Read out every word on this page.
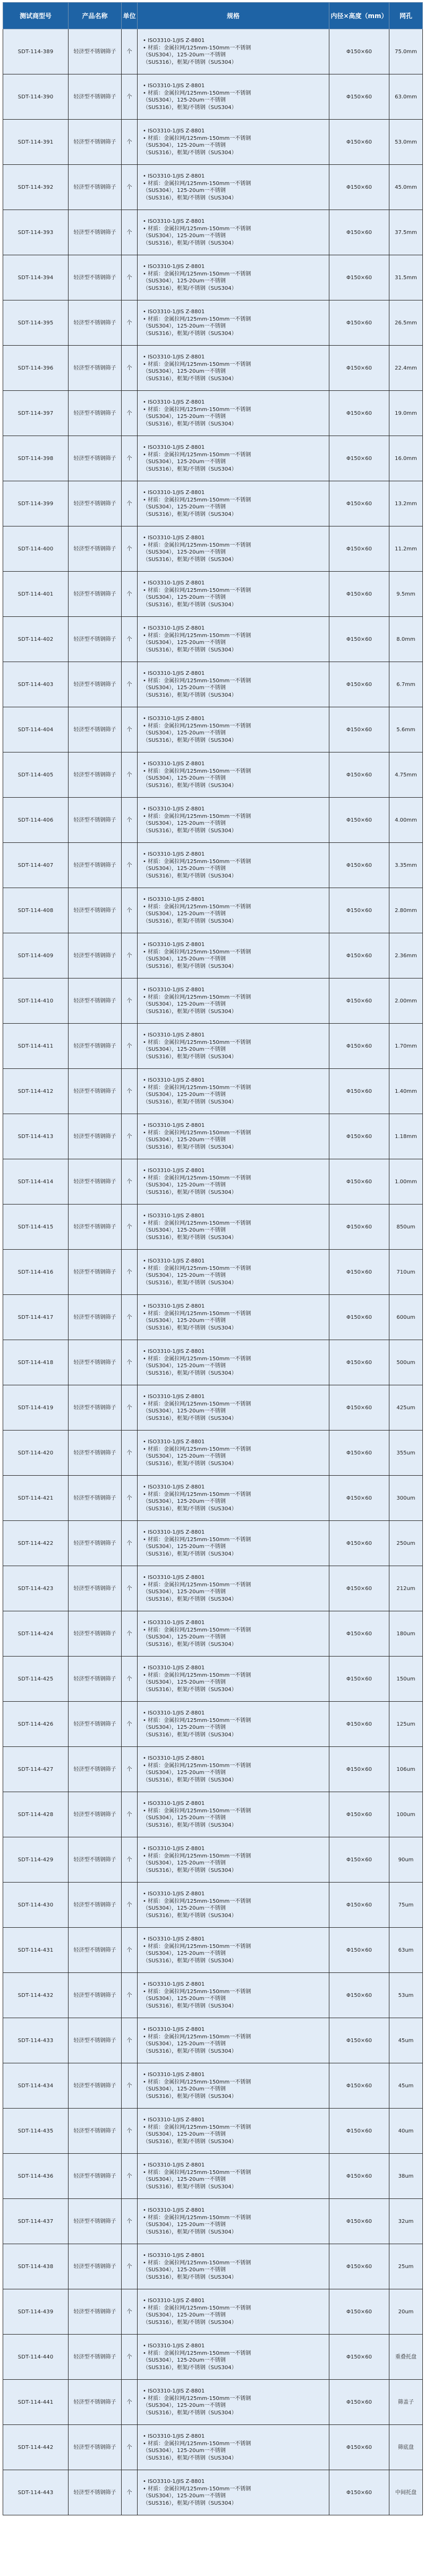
测试商型号	产品名称	单位	规格	内径×高度（mm）	网孔
SDT-114-389	轻济型不锈钢筛子	个	• ISO3310-1/JIS Z-8801
• 材质：金属拉网/125mm-150mm一不锈钢
（SUS304），125-20um一不锈钢
（SUS316），框架/不锈钢（SUS304）	Φ150×60	75.0mm
SDT-114-390	轻济型不锈钢筛子	个	• ISO3310-1/JIS Z-8801
• 材质：金属拉网/125mm-150mm一不锈钢
（SUS304），125-20um一不锈钢
（SUS316），框架/不锈钢（SUS304）	Φ150×60	63.0mm
SDT-114-391	轻济型不锈钢筛子	个	• ISO3310-1/JIS Z-8801
• 材质：金属拉网/125mm-150mm一不锈钢
（SUS304），125-20um一不锈钢
（SUS316），框架/不锈钢（SUS304）	Φ150×60	53.0mm
SDT-114-392	轻济型不锈钢筛子	个	• ISO3310-1/JIS Z-8801
• 材质：金属拉网/125mm-150mm一不锈钢
（SUS304），125-20um一不锈钢
（SUS316），框架/不锈钢（SUS304）	Φ150×60	45.0mm
SDT-114-393	轻济型不锈钢筛子	个	• ISO3310-1/JIS Z-8801
• 材质：金属拉网/125mm-150mm一不锈钢
（SUS304），125-20um一不锈钢
（SUS316），框架/不锈钢（SUS304）	Φ150×60	37.5mm
SDT-114-394	轻济型不锈钢筛子	个	• ISO3310-1/JIS Z-8801
• 材质：金属拉网/125mm-150mm一不锈钢
（SUS304），125-20um一不锈钢
（SUS316），框架/不锈钢（SUS304）	Φ150×60	31.5mm
SDT-114-395	轻济型不锈钢筛子	个	• ISO3310-1/JIS Z-8801
• 材质：金属拉网/125mm-150mm一不锈钢
（SUS304），125-20um一不锈钢
（SUS316），框架/不锈钢（SUS304）	Φ150×60	26.5mm
SDT-114-396	轻济型不锈钢筛子	个	• ISO3310-1/JIS Z-8801
• 材质：金属拉网/125mm-150mm一不锈钢
（SUS304），125-20um一不锈钢
（SUS316），框架/不锈钢（SUS304）	Φ150×60	22.4mm
SDT-114-397	轻济型不锈钢筛子	个	• ISO3310-1/JIS Z-8801
• 材质：金属拉网/125mm-150mm一不锈钢
（SUS304），125-20um一不锈钢
（SUS316），框架/不锈钢（SUS304）	Φ150×60	19.0mm
SDT-114-398	轻济型不锈钢筛子	个	• ISO3310-1/JIS Z-8801
• 材质：金属拉网/125mm-150mm一不锈钢
（SUS304），125-20um一不锈钢
（SUS316），框架/不锈钢（SUS304）	Φ150×60	16.0mm
SDT-114-399	轻济型不锈钢筛子	个	• ISO3310-1/JIS Z-8801
• 材质：金属拉网/125mm-150mm一不锈钢
（SUS304），125-20um一不锈钢
（SUS316），框架/不锈钢（SUS304）	Φ150×60	13.2mm
SDT-114-400	轻济型不锈钢筛子	个	• ISO3310-1/JIS Z-8801
• 材质：金属拉网/125mm-150mm一不锈钢
（SUS304），125-20um一不锈钢
（SUS316），框架/不锈钢（SUS304）	Φ150×60	11.2mm
SDT-114-401	轻济型不锈钢筛子	个	• ISO3310-1/JIS Z-8801
• 材质：金属拉网/125mm-150mm一不锈钢
（SUS304），125-20um一不锈钢
（SUS316），框架/不锈钢（SUS304）	Φ150×60	9.5mm
SDT-114-402	轻济型不锈钢筛子	个	• ISO3310-1/JIS Z-8801
• 材质：金属拉网/125mm-150mm一不锈钢
（SUS304），125-20um一不锈钢
（SUS316），框架/不锈钢（SUS304）	Φ150×60	8.0mm
SDT-114-403	轻济型不锈钢筛子	个	• ISO3310-1/JIS Z-8801
• 材质：金属拉网/125mm-150mm一不锈钢
（SUS304），125-20um一不锈钢
（SUS316），框架/不锈钢（SUS304）	Φ150×60	6.7mm
SDT-114-404	轻济型不锈钢筛子	个	• ISO3310-1/JIS Z-8801
• 材质：金属拉网/125mm-150mm一不锈钢
（SUS304），125-20um一不锈钢
（SUS316），框架/不锈钢（SUS304）	Φ150×60	5.6mm
SDT-114-405	轻济型不锈钢筛子	个	• ISO3310-1/JIS Z-8801
• 材质：金属拉网/125mm-150mm一不锈钢
（SUS304），125-20um一不锈钢
（SUS316），框架/不锈钢（SUS304）	Φ150×60	4.75mm
SDT-114-406	轻济型不锈钢筛子	个	• ISO3310-1/JIS Z-8801
• 材质：金属拉网/125mm-150mm一不锈钢
（SUS304），125-20um一不锈钢
（SUS316），框架/不锈钢（SUS304）	Φ150×60	4.00mm
SDT-114-407	轻济型不锈钢筛子	个	• ISO3310-1/JIS Z-8801
• 材质：金属拉网/125mm-150mm一不锈钢
（SUS304），125-20um一不锈钢
（SUS316），框架/不锈钢（SUS304）	Φ150×60	3.35mm
SDT-114-408	轻济型不锈钢筛子	个	• ISO3310-1/JIS Z-8801
• 材质：金属拉网/125mm-150mm一不锈钢
（SUS304），125-20um一不锈钢
（SUS316），框架/不锈钢（SUS304）	Φ150×60	2.80mm
SDT-114-409	轻济型不锈钢筛子	个	• ISO3310-1/JIS Z-8801
• 材质：金属拉网/125mm-150mm一不锈钢
（SUS304），125-20um一不锈钢
（SUS316），框架/不锈钢（SUS304）	Φ150×60	2.36mm
SDT-114-410	轻济型不锈钢筛子	个	• ISO3310-1/JIS Z-8801
• 材质：金属拉网/125mm-150mm一不锈钢
（SUS304），125-20um一不锈钢
（SUS316），框架/不锈钢（SUS304）	Φ150×60	2.00mm
SDT-114-411	轻济型不锈钢筛子	个	• ISO3310-1/JIS Z-8801
• 材质：金属拉网/125mm-150mm一不锈钢
（SUS304），125-20um一不锈钢
（SUS316），框架/不锈钢（SUS304）	Φ150×60	1.70mm
SDT-114-412	轻济型不锈钢筛子	个	• ISO3310-1/JIS Z-8801
• 材质：金属拉网/125mm-150mm一不锈钢
（SUS304），125-20um一不锈钢
（SUS316），框架/不锈钢（SUS304）	Φ150×60	1.40mm
SDT-114-413	轻济型不锈钢筛子	个	• ISO3310-1/JIS Z-8801
• 材质：金属拉网/125mm-150mm一不锈钢
（SUS304），125-20um一不锈钢
（SUS316），框架/不锈钢（SUS304）	Φ150×60	1.18mm
SDT-114-414	轻济型不锈钢筛子	个	• ISO3310-1/JIS Z-8801
• 材质：金属拉网/125mm-150mm一不锈钢
（SUS304），125-20um一不锈钢
（SUS316），框架/不锈钢（SUS304）	Φ150×60	1.00mm
SDT-114-415	轻济型不锈钢筛子	个	• ISO3310-1/JIS Z-8801
• 材质：金属拉网/125mm-150mm一不锈钢
（SUS304），125-20um一不锈钢
（SUS316），框架/不锈钢（SUS304）	Φ150×60	850um
SDT-114-416	轻济型不锈钢筛子	个	• ISO3310-1/JIS Z-8801
• 材质：金属拉网/125mm-150mm一不锈钢
（SUS304），125-20um一不锈钢
（SUS316），框架/不锈钢（SUS304）	Φ150×60	710um
SDT-114-417	轻济型不锈钢筛子	个	• ISO3310-1/JIS Z-8801
• 材质：金属拉网/125mm-150mm一不锈钢
（SUS304），125-20um一不锈钢
（SUS316），框架/不锈钢（SUS304）	Φ150×60	600um
SDT-114-418	轻济型不锈钢筛子	个	• ISO3310-1/JIS Z-8801
• 材质：金属拉网/125mm-150mm一不锈钢
（SUS304），125-20um一不锈钢
（SUS316），框架/不锈钢（SUS304）	Φ150×60	500um
SDT-114-419	轻济型不锈钢筛子	个	• ISO3310-1/JIS Z-8801
• 材质：金属拉网/125mm-150mm一不锈钢
（SUS304），125-20um一不锈钢
（SUS316），框架/不锈钢（SUS304）	Φ150×60	425um
SDT-114-420	轻济型不锈钢筛子	个	• ISO3310-1/JIS Z-8801
• 材质：金属拉网/125mm-150mm一不锈钢
（SUS304），125-20um一不锈钢
（SUS316），框架/不锈钢（SUS304）	Φ150×60	355um
SDT-114-421	轻济型不锈钢筛子	个	• ISO3310-1/JIS Z-8801
• 材质：金属拉网/125mm-150mm一不锈钢
（SUS304），125-20um一不锈钢
（SUS316），框架/不锈钢（SUS304）	Φ150×60	300um
SDT-114-422	轻济型不锈钢筛子	个	• ISO3310-1/JIS Z-8801
• 材质：金属拉网/125mm-150mm一不锈钢
（SUS304），125-20um一不锈钢
（SUS316），框架/不锈钢（SUS304）	Φ150×60	250um
SDT-114-423	轻济型不锈钢筛子	个	• ISO3310-1/JIS Z-8801
• 材质：金属拉网/125mm-150mm一不锈钢
（SUS304），125-20um一不锈钢
（SUS316），框架/不锈钢（SUS304）	Φ150×60	212um
SDT-114-424	轻济型不锈钢筛子	个	• ISO3310-1/JIS Z-8801
• 材质：金属拉网/125mm-150mm一不锈钢
（SUS304），125-20um一不锈钢
（SUS316），框架/不锈钢（SUS304）	Φ150×60	180um
SDT-114-425	轻济型不锈钢筛子	个	• ISO3310-1/JIS Z-8801
• 材质：金属拉网/125mm-150mm一不锈钢
（SUS304），125-20um一不锈钢
（SUS316），框架/不锈钢（SUS304）	Φ150×60	150um
SDT-114-426	轻济型不锈钢筛子	个	• ISO3310-1/JIS Z-8801
• 材质：金属拉网/125mm-150mm一不锈钢
（SUS304），125-20um一不锈钢
（SUS316），框架/不锈钢（SUS304）	Φ150×60	125um
SDT-114-427	轻济型不锈钢筛子	个	• ISO3310-1/JIS Z-8801
• 材质：金属拉网/125mm-150mm一不锈钢
（SUS304），125-20um一不锈钢
（SUS316），框架/不锈钢（SUS304）	Φ150×60	106um
SDT-114-428	轻济型不锈钢筛子	个	• ISO3310-1/JIS Z-8801
• 材质：金属拉网/125mm-150mm一不锈钢
（SUS304），125-20um一不锈钢
（SUS316），框架/不锈钢（SUS304）	Φ150×60	100um
SDT-114-429	轻济型不锈钢筛子	个	• ISO3310-1/JIS Z-8801
• 材质：金属拉网/125mm-150mm一不锈钢
（SUS304），125-20um一不锈钢
（SUS316），框架/不锈钢（SUS304）	Φ150×60	90um
SDT-114-430	轻济型不锈钢筛子	个	• ISO3310-1/JIS Z-8801
• 材质：金属拉网/125mm-150mm一不锈钢
（SUS304），125-20um一不锈钢
（SUS316），框架/不锈钢（SUS304）	Φ150×60	75um
SDT-114-431	轻济型不锈钢筛子	个	• ISO3310-1/JIS Z-8801
• 材质：金属拉网/125mm-150mm一不锈钢
（SUS304），125-20um一不锈钢
（SUS316），框架/不锈钢（SUS304）	Φ150×60	63um
SDT-114-432	轻济型不锈钢筛子	个	• ISO3310-1/JIS Z-8801
• 材质：金属拉网/125mm-150mm一不锈钢
（SUS304），125-20um一不锈钢
（SUS316），框架/不锈钢（SUS304）	Φ150×60	53um
SDT-114-433	轻济型不锈钢筛子	个	• ISO3310-1/JIS Z-8801
• 材质：金属拉网/125mm-150mm一不锈钢
（SUS304），125-20um一不锈钢
（SUS316），框架/不锈钢（SUS304）	Φ150×60	45um
SDT-114-434	轻济型不锈钢筛子	个	• ISO3310-1/JIS Z-8801
• 材质：金属拉网/125mm-150mm一不锈钢
（SUS304），125-20um一不锈钢
（SUS316），框架/不锈钢（SUS304）	Φ150×60	45um
SDT-114-435	轻济型不锈钢筛子	个	• ISO3310-1/JIS Z-8801
• 材质：金属拉网/125mm-150mm一不锈钢
（SUS304），125-20um一不锈钢
（SUS316），框架/不锈钢（SUS304）	Φ150×60	40um
SDT-114-436	轻济型不锈钢筛子	个	• ISO3310-1/JIS Z-8801
• 材质：金属拉网/125mm-150mm一不锈钢
（SUS304），125-20um一不锈钢
（SUS316），框架/不锈钢（SUS304）	Φ150×60	38um
SDT-114-437	轻济型不锈钢筛子	个	• ISO3310-1/JIS Z-8801
• 材质：金属拉网/125mm-150mm一不锈钢
（SUS304），125-20um一不锈钢
（SUS316），框架/不锈钢（SUS304）	Φ150×60	32um
SDT-114-438	轻济型不锈钢筛子	个	• ISO3310-1/JIS Z-8801
• 材质：金属拉网/125mm-150mm一不锈钢
（SUS304），125-20um一不锈钢
（SUS316），框架/不锈钢（SUS304）	Φ150×60	25um
SDT-114-439	轻济型不锈钢筛子	个	• ISO3310-1/JIS Z-8801
• 材质：金属拉网/125mm-150mm一不锈钢
（SUS304），125-20um一不锈钢
（SUS316），框架/不锈钢（SUS304）	Φ150×60	20um
SDT-114-440	轻济型不锈钢筛子	个	• ISO3310-1/JIS Z-8801
• 材质：金属拉网/125mm-150mm一不锈钢
（SUS304），125-20um一不锈钢
（SUS316），框架/不锈钢（SUS304）	Φ150×60	重叠托盘
SDT-114-441	轻济型不锈钢筛子	个	• ISO3310-1/JIS Z-8801
• 材质：金属拉网/125mm-150mm一不锈钢
（SUS304），125-20um一不锈钢
（SUS316），框架/不锈钢（SUS304）	Φ150×60	筛盖子
SDT-114-442	轻济型不锈钢筛子	个	• ISO3310-1/JIS Z-8801
• 材质：金属拉网/125mm-150mm一不锈钢
（SUS304），125-20um一不锈钢
（SUS316），框架/不锈钢（SUS304）	Φ150×60	筛底盘
SDT-114-443	轻济型不锈钢筛子	个	• ISO3310-1/JIS Z-8801
• 材质：金属拉网/125mm-150mm一不锈钢
（SUS304），125-20um一不锈钢
（SUS316），框架/不锈钢（SUS304）	Φ150×60	中间托盘
